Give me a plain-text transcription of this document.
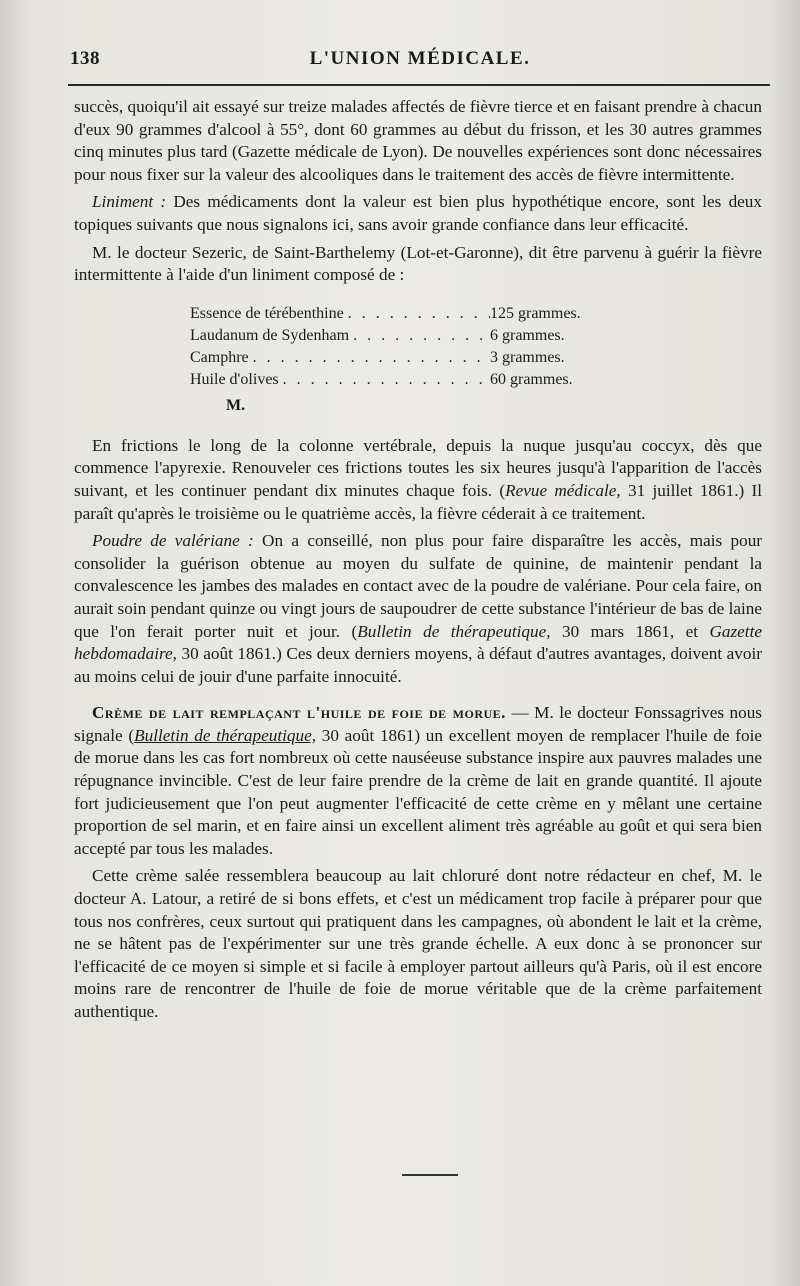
138	L'UNION MÉDICALE.

succès, quoiqu'il ait essayé sur treize malades affectés de fièvre tierce et en faisant prendre à chacun d'eux 90 grammes d'alcool à 55°, dont 60 grammes au début du frisson, et les 30 autres grammes cinq minutes plus tard (Gazette médicale de Lyon). De nouvelles expériences sont donc nécessaires pour nous fixer sur la valeur des alcooliques dans le traitement des accès de fièvre intermittente.

Liniment : Des médicaments dont la valeur est bien plus hypothétique encore, sont les deux topiques suivants que nous signalons ici, sans avoir grande confiance dans leur efficacité.

M. le docteur Sezeric, de Saint-Barthelemy (Lot-et-Garonne), dit être parvenu à guérir la fièvre intermittente à l'aide d'un liniment composé de :

Essence de térébenthine . . .	125 grammes.
Laudanum de Sydenham . . .	6 grammes.
Camphre . . .	3 grammes.
Huile d'olives . . .	60 grammes.
M.

En frictions le long de la colonne vertébrale, depuis la nuque jusqu'au coccyx, dès que commence l'apyrexie. Renouveler ces frictions toutes les six heures jusqu'à l'apparition de l'accès suivant, et les continuer pendant dix minutes chaque fois. (Revue médicale, 31 juillet 1861.) Il paraît qu'après le troisième ou le quatrième accès, la fièvre céderait à ce traitement.

Poudre de valériane : On a conseillé, non plus pour faire disparaître les accès, mais pour consolider la guérison obtenue au moyen du sulfate de quinine, de maintenir pendant la convalescence les jambes des malades en contact avec de la poudre de valériane. Pour cela faire, on aurait soin pendant quinze ou vingt jours de saupoudrer de cette substance l'intérieur de bas de laine que l'on ferait porter nuit et jour. (Bulletin de thérapeutique, 30 mars 1861, et Gazette hebdomadaire, 30 août 1861.) Ces deux derniers moyens, à défaut d'autres avantages, doivent avoir au moins celui de jouir d'une parfaite innocuité.

Crème de lait remplaçant l'huile de foie de morue. — M. le docteur Fonssagrives nous signale (Bulletin de thérapeutique, 30 août 1861) un excellent moyen de remplacer l'huile de foie de morue dans les cas fort nombreux où cette nauséeuse substance inspire aux pauvres malades une répugnance invincible. C'est de leur faire prendre de la crème de lait en grande quantité. Il ajoute fort judicieusement que l'on peut augmenter l'efficacité de cette crème en y mêlant une certaine proportion de sel marin, et en faire ainsi un excellent aliment très agréable au goût et qui sera bien accepté par tous les malades.

Cette crème salée ressemblera beaucoup au lait chloruré dont notre rédacteur en chef, M. le docteur A. Latour, a retiré de si bons effets, et c'est un médicament trop facile à préparer pour que tous nos confrères, ceux surtout qui pratiquent dans les campagnes, où abondent le lait et la crème, ne se hâtent pas de l'expérimenter sur une très grande échelle. A eux donc à se prononcer sur l'efficacité de ce moyen si simple et si facile à employer partout ailleurs qu'à Paris, où il est encore moins rare de rencontrer de l'huile de foie de morue véritable que de la crème parfaitement authentique.
